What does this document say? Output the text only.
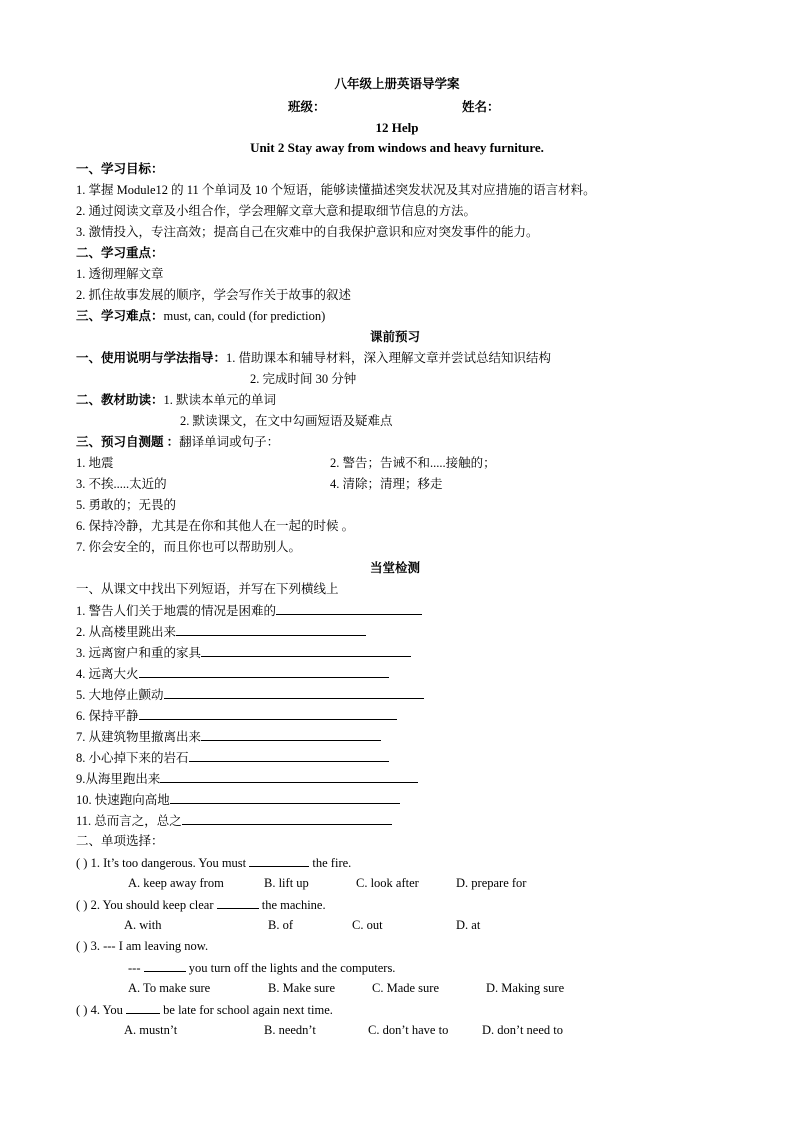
八年级上册英语导学案
班级：	姓名：
12 Help
Unit 2 Stay away from windows and heavy furniture.
一、学习目标：
1. 掌握 Module12 的 11 个单词及 10 个短语，能够读懂描述突发状况及其对应措施的语言材料。
2. 通过阅读文章及小组合作，学会理解文章大意和提取细节信息的方法。
3. 激情投入，专注高效；提高自己在灾难中的自我保护意识和应对突发事件的能力。
二、学习重点：
1. 透彻理解文章
2. 抓住故事发展的顺序，学会写作关于故事的叙述
三、学习难点：must, can, could (for prediction)
课前预习
一、使用说明与学法指导：1. 借助课本和辅导材料，深入理解文章并尝试总结知识结构
2. 完成时间 30 分钟
二、教材助读：1. 默读本单元的单词
2. 默读课文，在文中勾画短语及疑难点
三、预习自测题 ：翻译单词或句子：
1. 地震	2. 警告；告诫不和.....接触的；
3. 不挨.....太近的	4. 清除；清理；移走
5. 勇敢的；无畏的
6. 保持冷静，尤其是在你和其他人在一起的时候 。
7. 你会安全的，而且你也可以帮助别人。
当堂检测
一、从课文中找出下列短语，并写在下列横线上
1. 警告人们关于地震的情况是困难的
2. 从高楼里跳出来
3. 远离窗户和重的家具
4. 远离大火
5. 大地停止颤动
6. 保持平静
7. 从建筑物里撤离出来
8. 小心掉下来的岩石
9.从海里跑出来
10. 快速跑向高地
11. 总而言之，总之
二、单项选择：
( ) 1. It’s too dangerous. You must	the fire.
A. keep away from	B. lift up	C. look after	D. prepare for
( ) 2. You should keep clear	the machine.
A. with	B. of	C. out	D. at
( ) 3. --- I am leaving now.
---	you turn off the lights and the computers.
A. To make sure	B. Make sure	C. Made sure	D. Making sure
( ) 4. You	be late for school again next time.
A. mustn’t	B. needn’t	C. don’t have to	D. don’t need to
